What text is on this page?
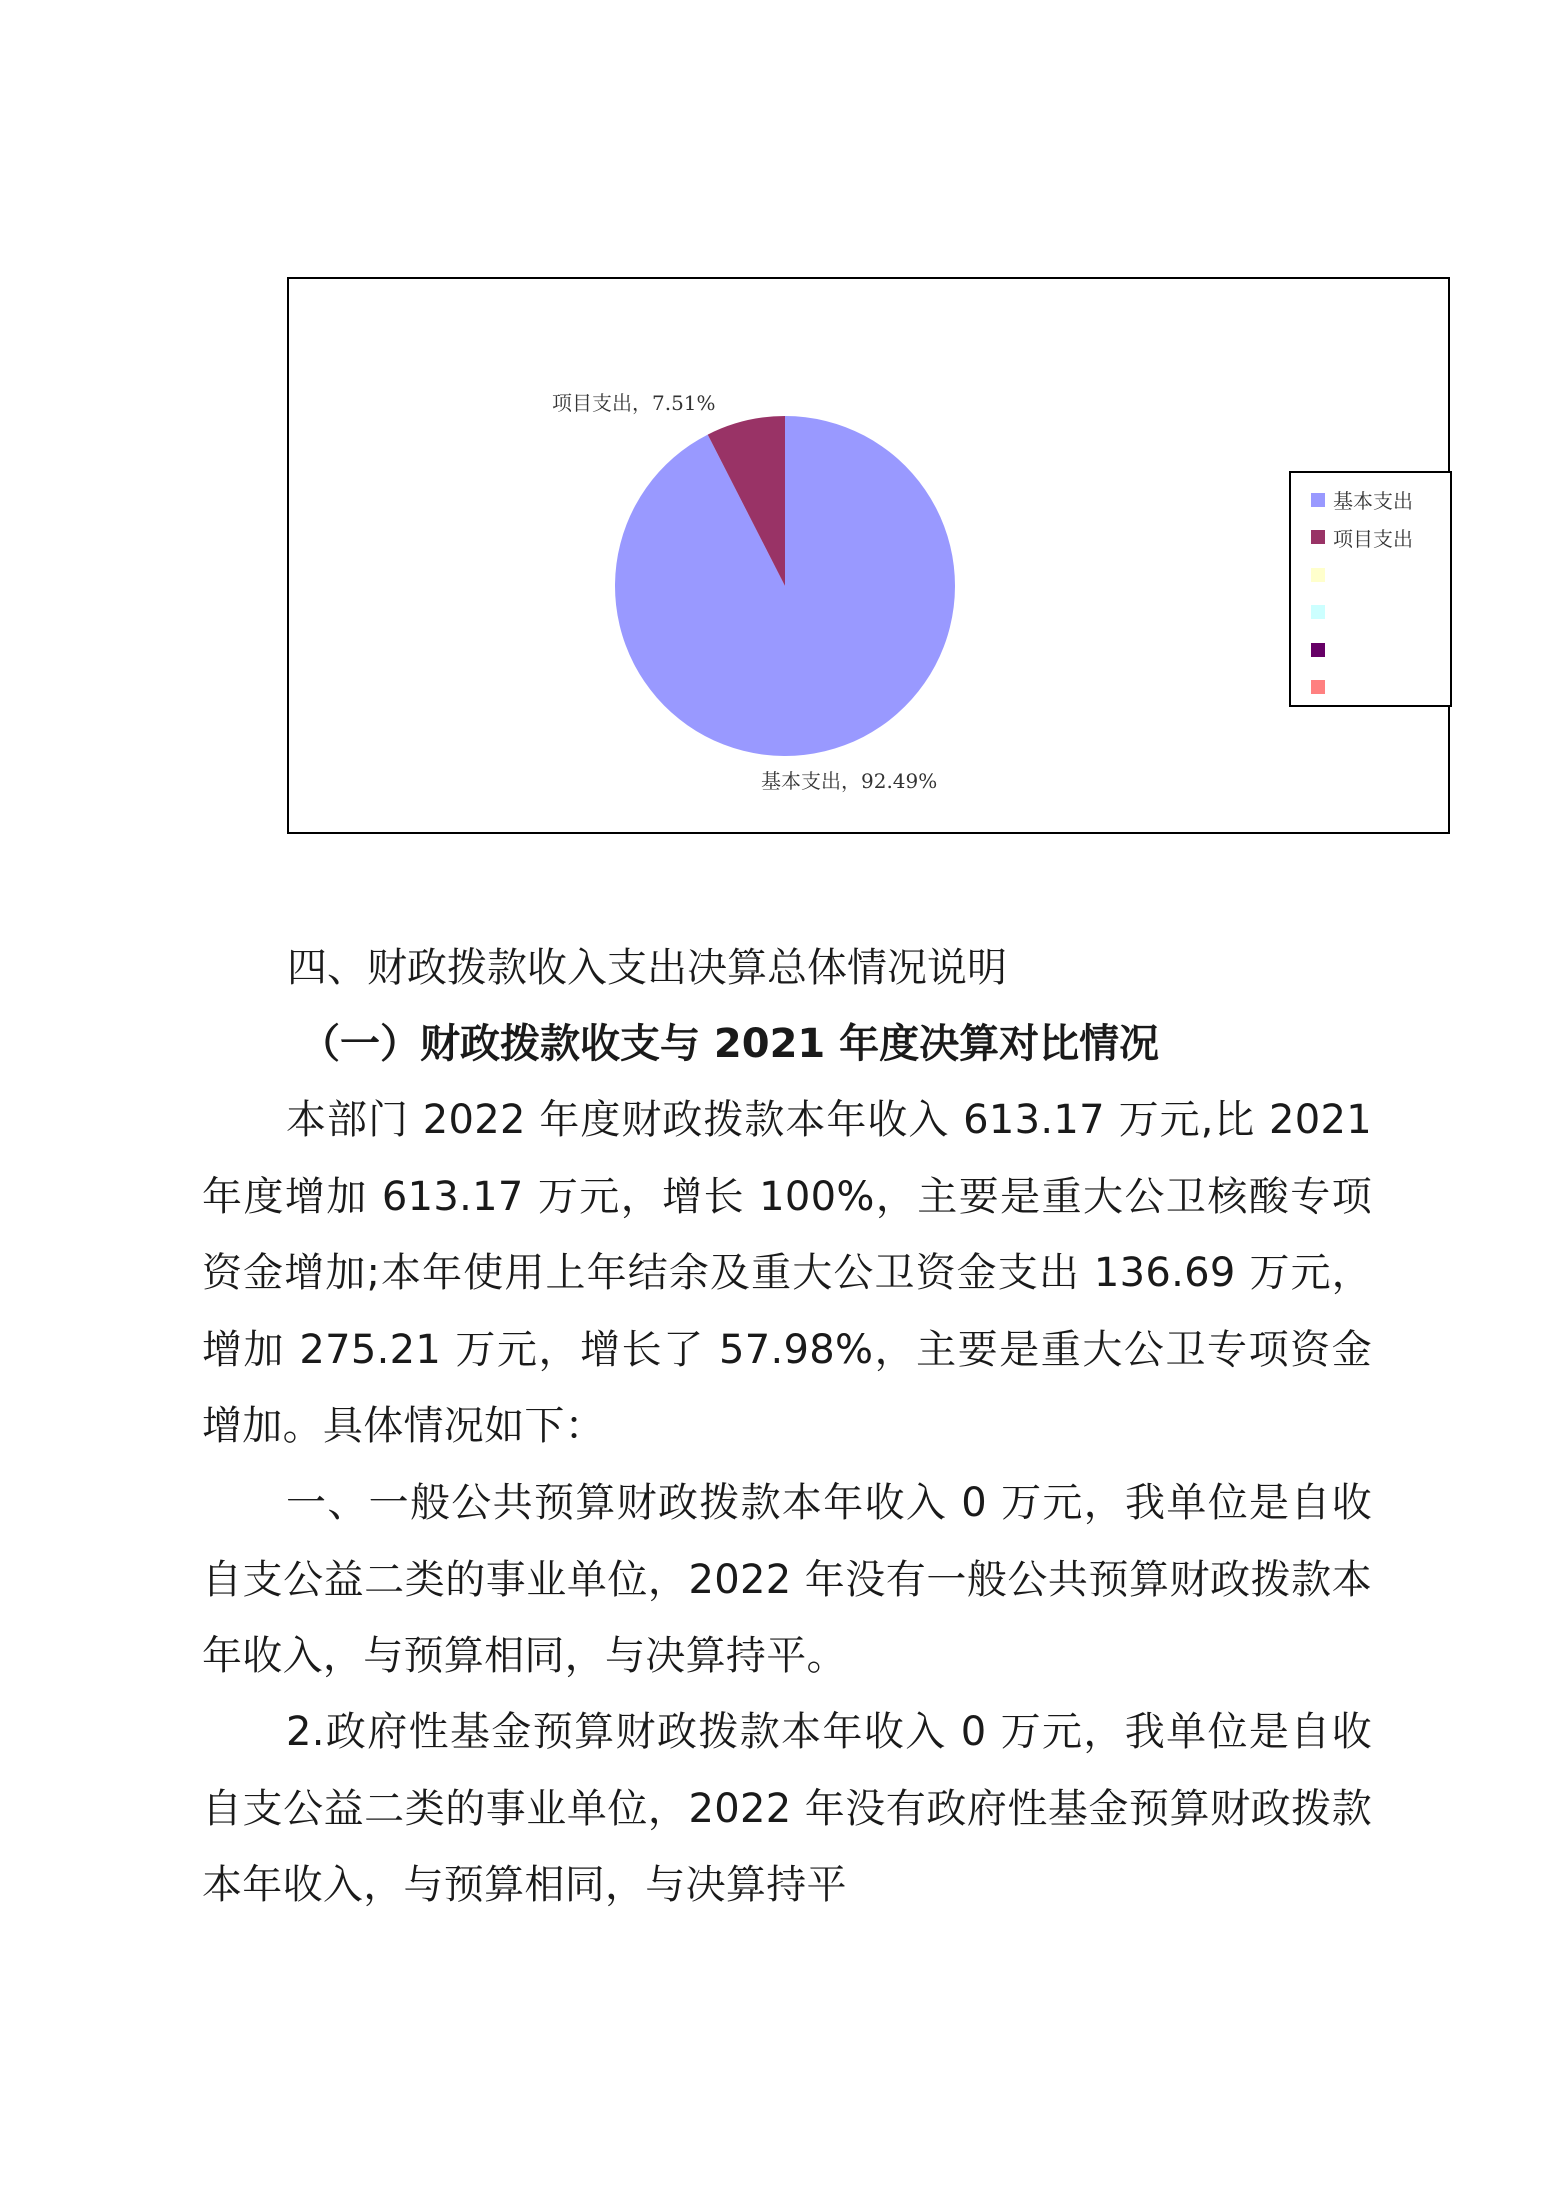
项目支出，7.51%
基本支出，92.49%
基本支出
项目支出
四、财政拨款收入支出决算总体情况说明
（一）财政拨款收支与 2021 年度决算对比情况

本部门 2022 年度财政拨款本年收入 613.17 万元,比 2021 年度增加 613.17 万元，增长 100%，主要是重大公卫核酸专项资金增加;本年使用上年结余及重大公卫资金支出 136.69 万元，增加 275.21 万元，增长了 57.98%，主要是重大公卫专项资金增加。具体情况如下：

一、一般公共预算财政拨款本年收入 0 万元，我单位是自收自支公益二类的事业单位，2022 年没有一般公共预算财政拨款本年收入，与预算相同，与决算持平。

2.政府性基金预算财政拨款本年收入 0 万元，我单位是自收自支公益二类的事业单位，2022 年没有政府性基金预算财政拨款本年收入，与预算相同，与决算持平
